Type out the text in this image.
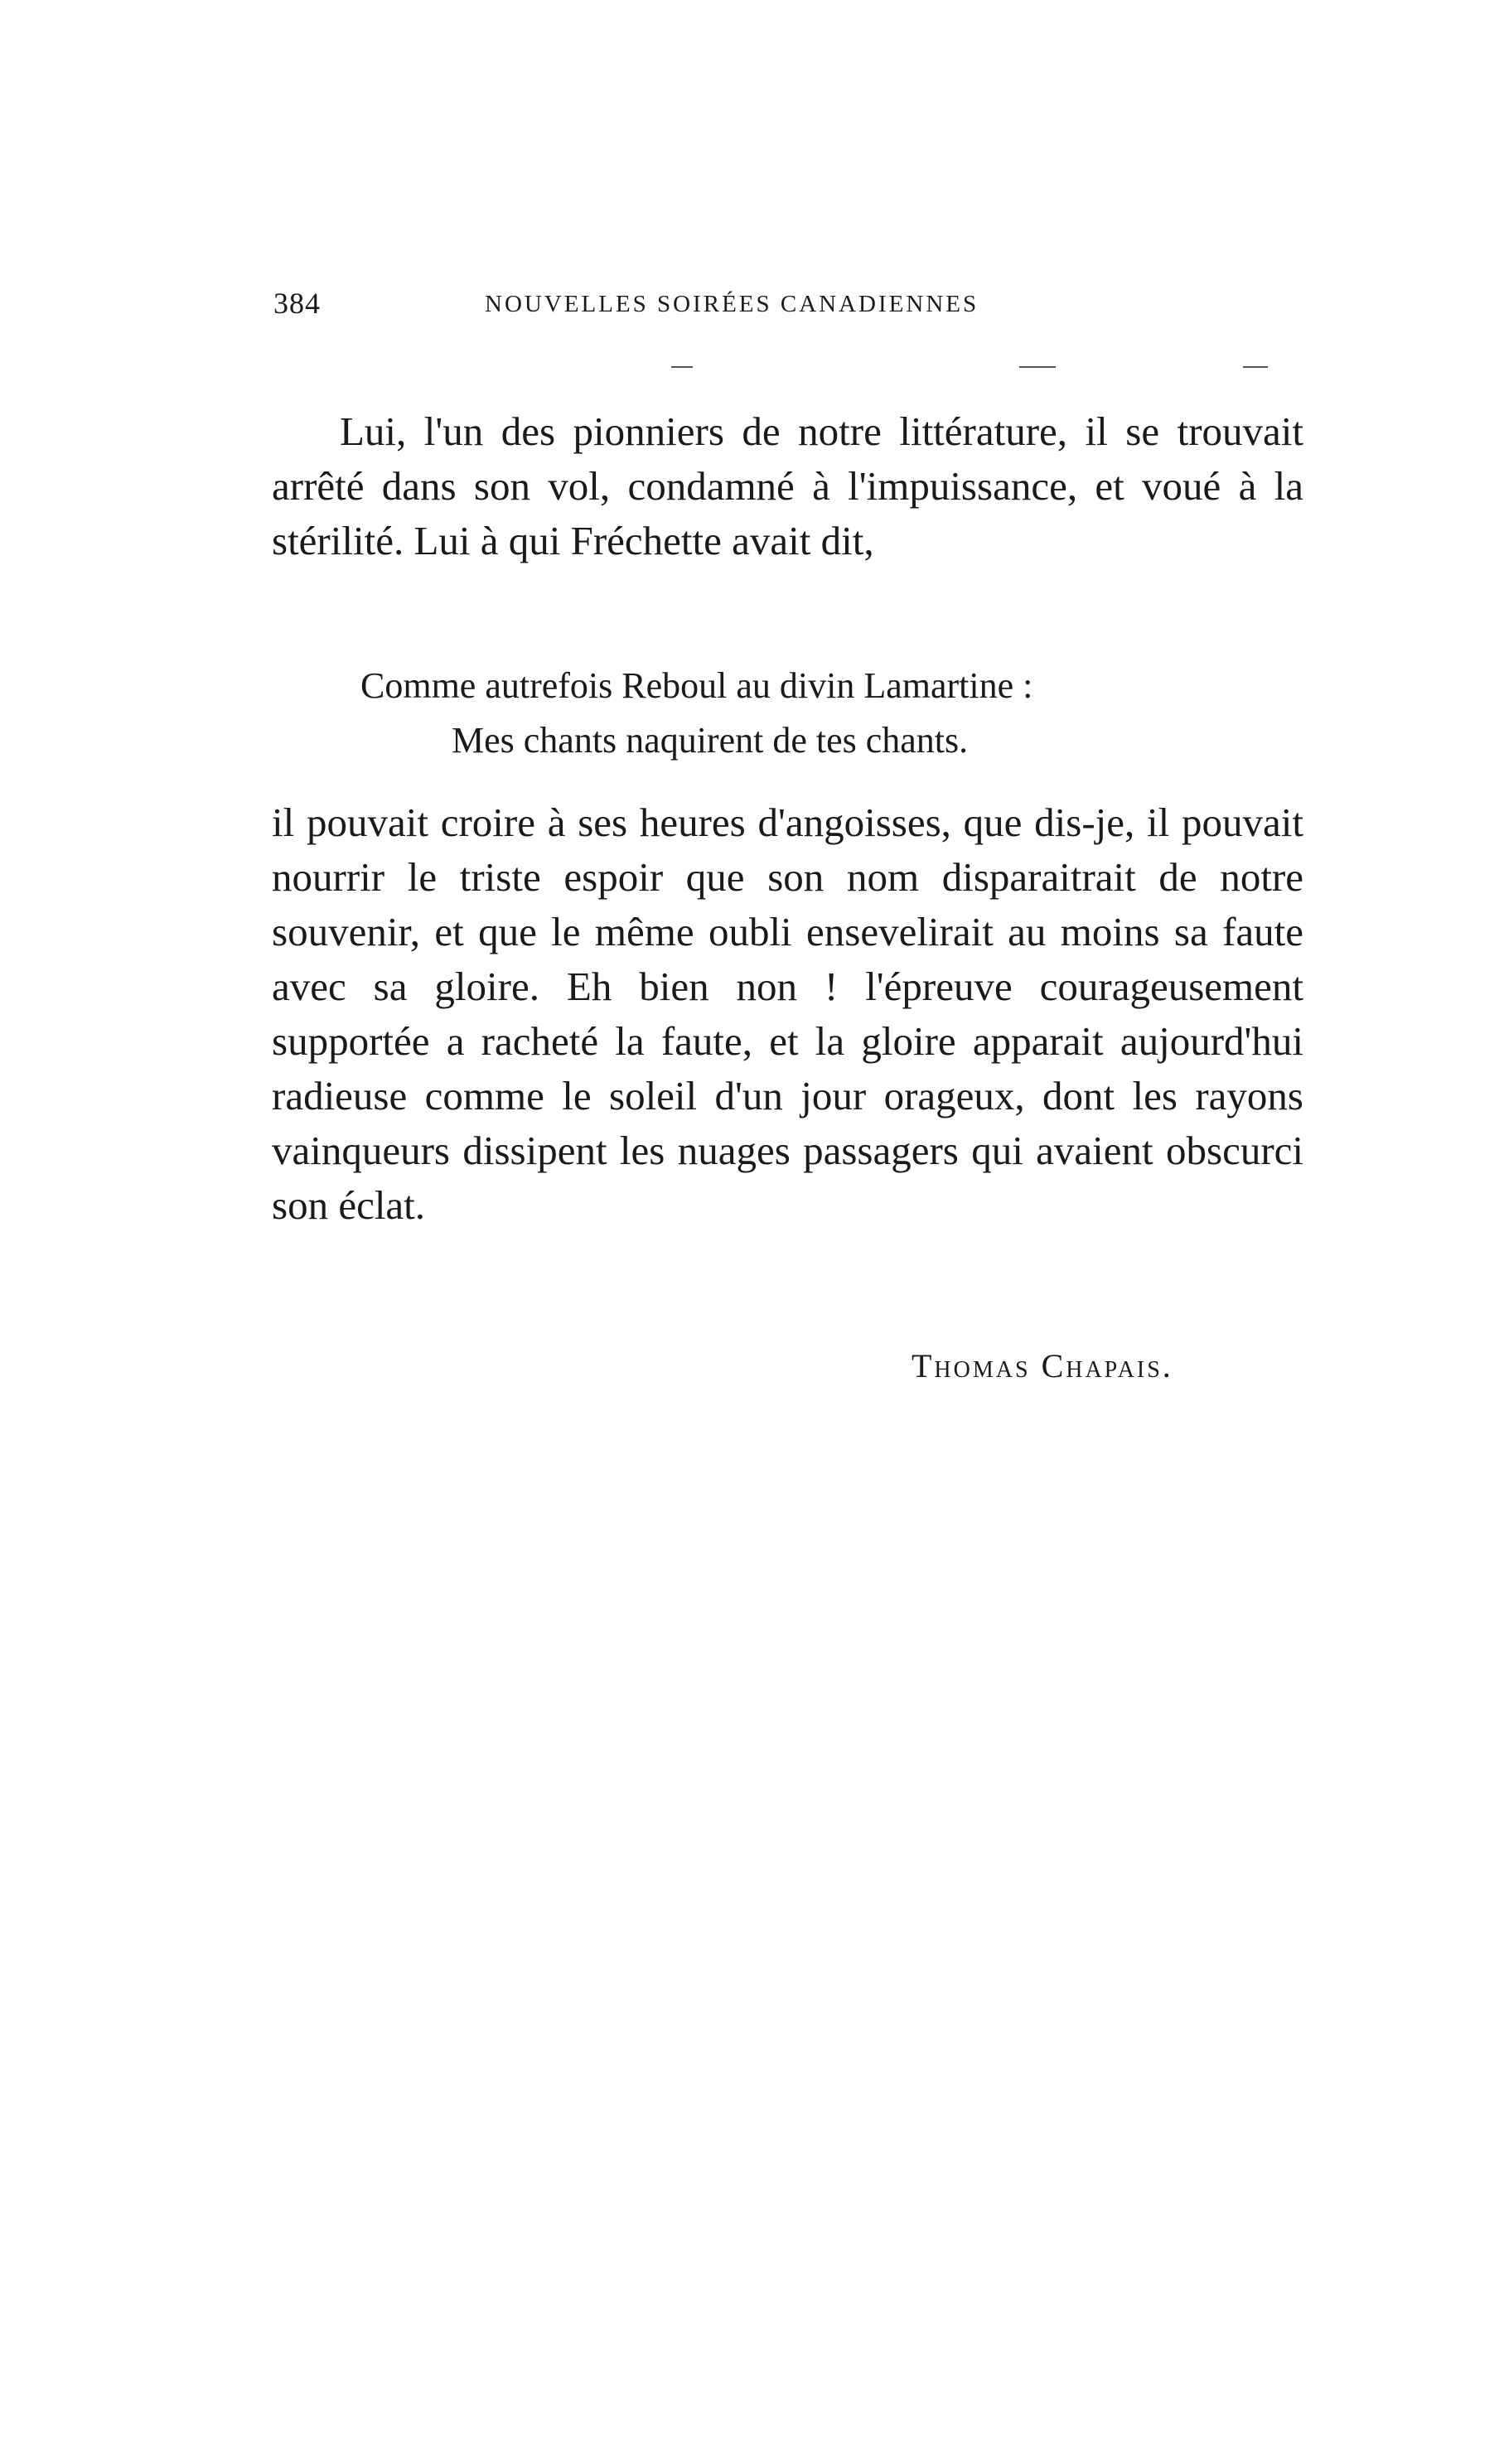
384	NOUVELLES SOIRÉES CANADIENNES

Lui, l'un des pionniers de notre littérature, il se trouvait arrêté dans son vol, condamné à l'impuissance, et voué à la stérilité. Lui à qui Fréchette avait dit,

Comme autrefois Reboul au divin Lamartine :

Mes chants naquirent de tes chants.

il pouvait croire à ses heures d'angoisses, que dis-je, il pouvait nourrir le triste espoir que son nom disparaitrait de notre souvenir, et que le même oubli ensevelirait au moins sa faute avec sa gloire. Eh bien non ! l'épreuve courageusement supportée a racheté la faute, et la gloire apparait aujourd'hui radieuse comme le soleil d'un jour orageux, dont les rayons vainqueurs dissipent les nuages passagers qui avaient obscurci son éclat.

Thomas Chapais.
